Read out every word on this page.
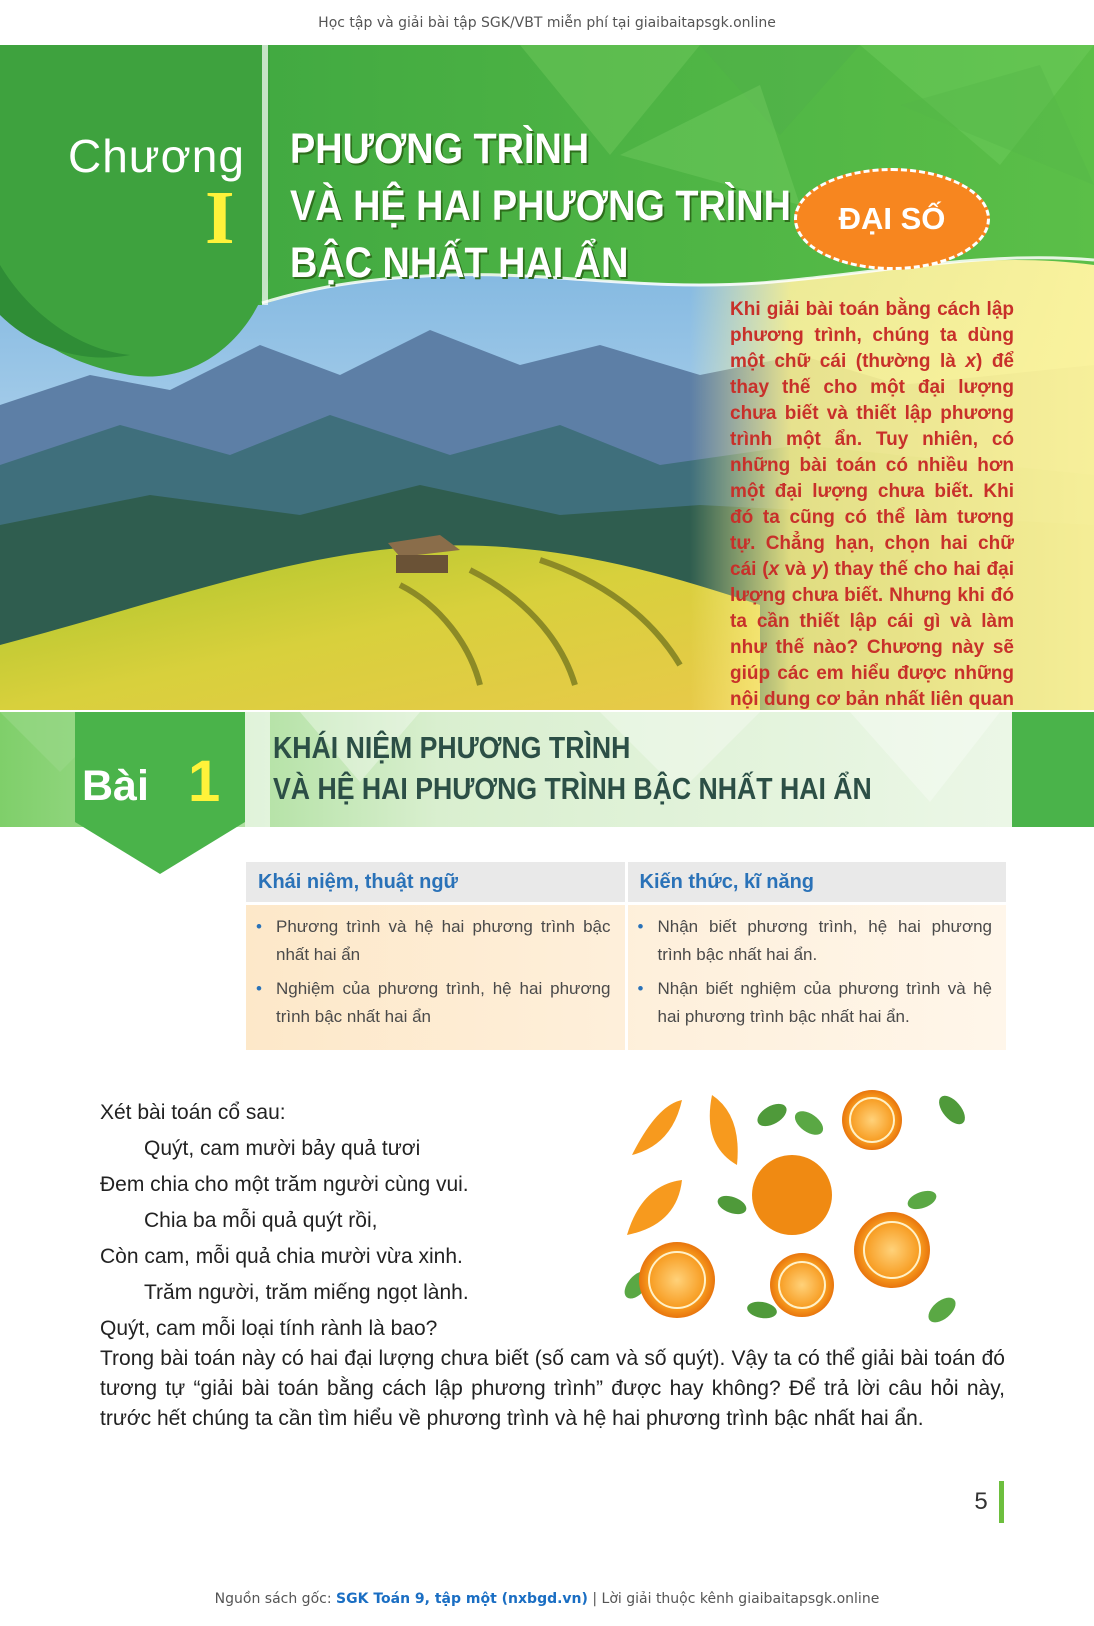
Học tập và giải bài tập SGK/VBT miễn phí tại giaibaitapsgk.online
Chương
I
PHƯƠNG TRÌNH
VÀ HỆ HAI PHƯƠNG TRÌNH
BẬC NHẤT HAI ẨN
ĐẠI SỐ
Khi giải bài toán bằng cách lập phương trình, chúng ta dùng một chữ cái (thường là x) để thay thế cho một đại lượng chưa biết và thiết lập phương trình một ẩn. Tuy nhiên, có những bài toán có nhiều hơn một đại lượng chưa biết. Khi đó ta cũng có thể làm tương tự. Chẳng hạn, chọn hai chữ cái (x và y) thay thế cho hai đại lượng chưa biết. Nhưng khi đó ta cần thiết lập cái gì và làm như thế nào? Chương này sẽ giúp các em hiểu được những nội dung cơ bản nhất liên quan
Bài 1
KHÁI NIỆM PHƯƠNG TRÌNH
VÀ HỆ HAI PHƯƠNG TRÌNH BẬC NHẤT HAI ẨN
Khái niệm, thuật ngữ
• Phương trình và hệ hai phương trình bậc nhất hai ẩn
• Nghiệm của phương trình, hệ hai phương trình bậc nhất hai ẩn
Kiến thức, kĩ năng
• Nhận biết phương trình, hệ hai phương trình bậc nhất hai ẩn.
• Nhận biết nghiệm của phương trình và hệ hai phương trình bậc nhất hai ẩn.
Xét bài toán cổ sau:
Quýt, cam mười bảy quả tươi
Đem chia cho một trăm người cùng vui.
Chia ba mỗi quả quýt rồi,
Còn cam, mỗi quả chia mười vừa xinh.
Trăm người, trăm miếng ngọt lành.
Quýt, cam mỗi loại tính rành là bao?
Trong bài toán này có hai đại lượng chưa biết (số cam và số quýt). Vậy ta có thể giải bài toán đó tương tự “giải bài toán bằng cách lập phương trình” được hay không? Để trả lời câu hỏi này, trước hết chúng ta cần tìm hiểu về phương trình và hệ hai phương trình bậc nhất hai ẩn.
5
Nguồn sách gốc: SGK Toán 9, tập một (nxbgd.vn) | Lời giải thuộc kênh giaibaitapsgk.online
